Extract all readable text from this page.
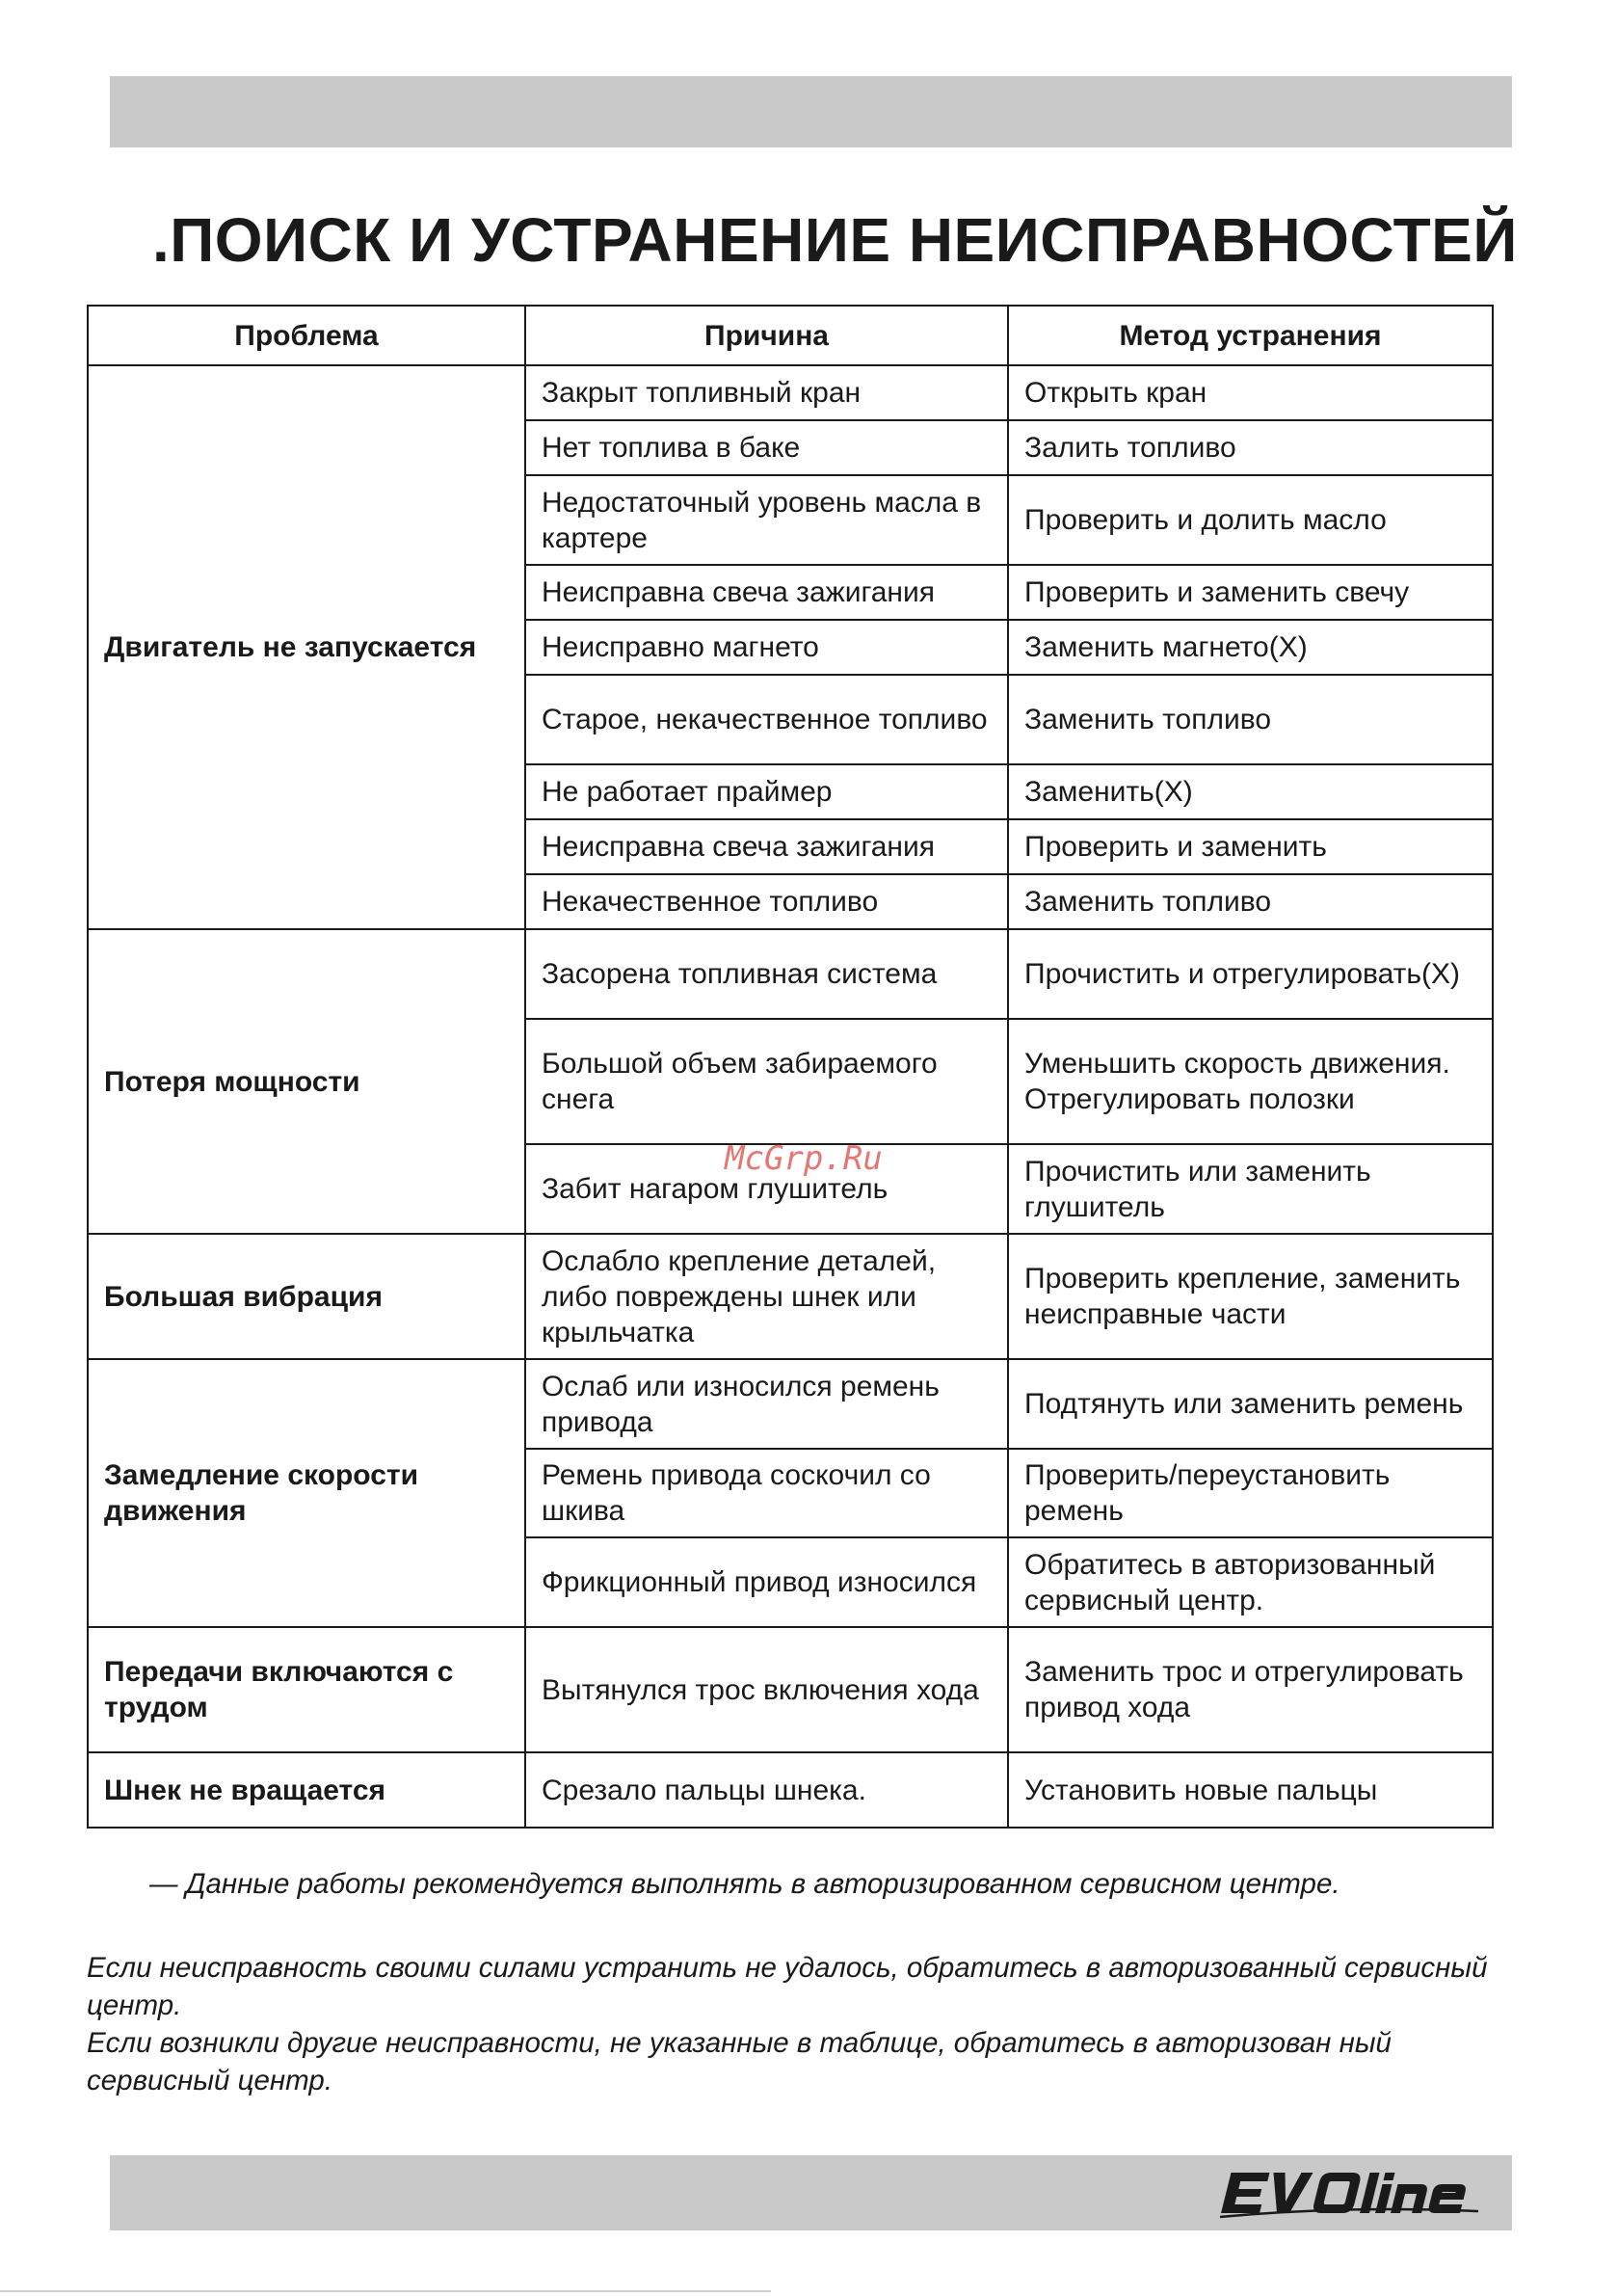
.ПОИСК И УСТРАНЕНИЕ НЕИСПРАВНОСТЕЙ
Проблема	Причина	Метод устранения
Двигатель не запускается	Закрыт топливный кран	Открыть кран
	Нет топлива в баке	Залить топливо
	Недостаточный уровень масла в картере	Проверить и долить масло
	Неисправна свеча зажигания	Проверить и заменить свечу
	Неисправно магнето	Заменить магнето(X)
	Старое, некачественное топливо	Заменить топливо
	Не работает праймер	Заменить(X)
	Неисправна свеча зажигания	Проверить и заменить
	Некачественное топливо	Заменить топливо
Потеря мощности	Засорена топливная система	Прочистить и отрегулировать(X)
	Большой объем забираемого снега	Уменьшить скорость движения. Отрегулировать полозки
	Забит нагаром глушитель	Прочистить или заменить глушитель
Большая вибрация	Ослабло крепление деталей, либо повреждены шнек или крыльчатка	Проверить крепление, заменить неисправные части
Замедление скорости движения	Ослаб или износился ремень привода	Подтянуть или заменить ремень
	Ремень привода соскочил со шкива	Проверить/переустановить ремень
	Фрикционный привод износился	Обратитесь в авторизованный сервисный центр.
Передачи включаются с трудом	Вытянулся трос включения хода	Заменить трос и отрегулировать привод хода
Шнек не вращается	Срезало пальцы шнека.	Установить новые пальцы
McGrp.Ru
— Данные работы рекомендуется выполнять в авторизированном сервисном центре.
Если неисправность своими силами устранить не удалось, обратитесь в авторизованный сервисный центр.
Если возникли другие неисправности, не указанные в таблице, обратитесь в авторизован ный сервисный центр.
